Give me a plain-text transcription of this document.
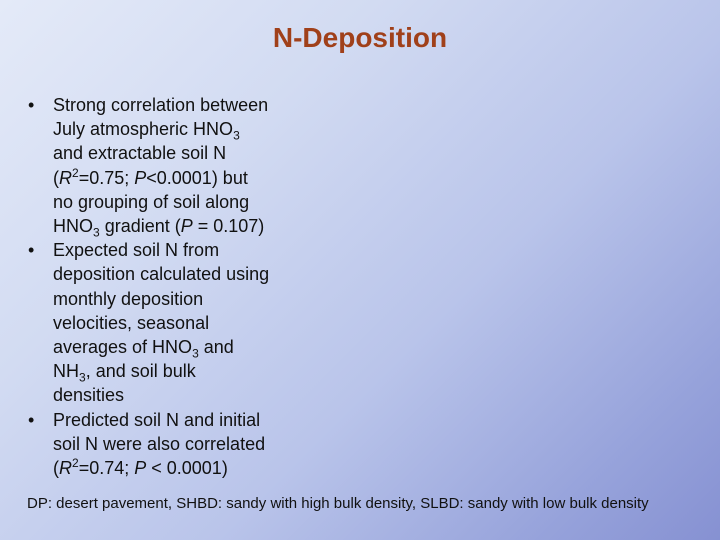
N-Deposition
• Strong correlation between
July atmospheric $HNO_3$
and extractable soil N
($R^2=0.75$; P<0.0001) but
no grouping of soil along
$HNO_3$ gradient (P = 0.107)
• Expected soil N from
deposition calculated using
monthly deposition
velocities, seasonal
averages of $HNO_3$ and
$NH_3$, and soil bulk
densities
• Predicted soil N and initial
soil N were also correlated
($R^2=0.74$; P < 0.0001)

DP: desert pavement, SHBD: sandy with high bulk density, SLBD: sandy with low bulk density
